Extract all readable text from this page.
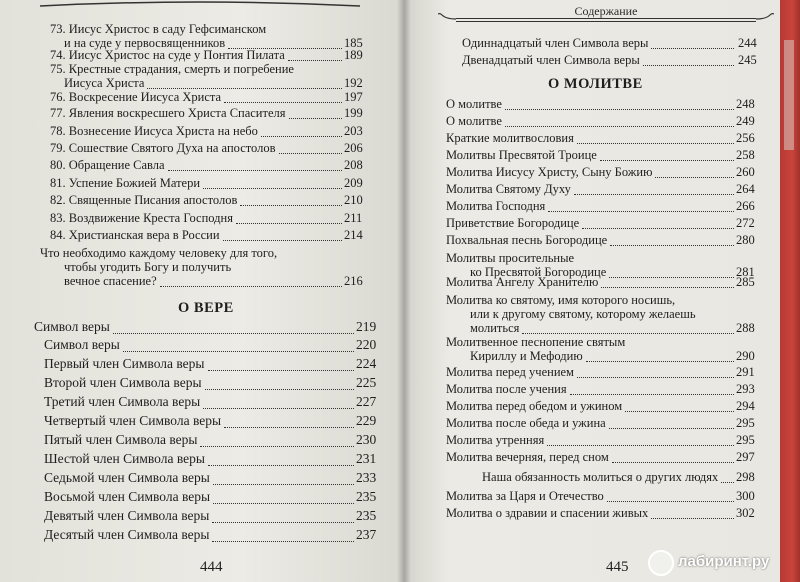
Содержание
73. Иисус Христос в саду Гефсиманском
и на суде у первосвященников	185
74. Иисус Христос на суде у Понтия Пилата	189
75. Крестные страдания, смерть и погребение
Иисуса Христа	192
76. Воскресение Иисуса Христа	197
77. Явления воскресшего Христа Спасителя	199
78. Вознесение Иисуса Христа на небо	203
79. Сошествие Святого Духа на апостолов	206
80. Обращение Савла	208
81. Успение Божией Матери	209
82. Священные Писания апостолов	210
83. Воздвижение Креста Господня	211
84. Христианская вера в России	214
Что необходимо каждому человеку для того,
чтобы угодить Богу и получить
вечное спасение?	216
Символ веры	219
Символ веры	220
Первый член Символа веры	224
Второй член Символа веры	225
Третий член Символа веры	227
Четвертый член Символа веры	229
Пятый член Символа веры	230
Шестой член Символа веры	231
Седьмой член Символа веры	233
Восьмой член Символа веры	235
Девятый член Символа веры	235
Десятый член Символа веры	237
Одиннадцатый член Символа веры	244
Двенадцатый член Символа веры	245
О молитве	248
О молитве	249
Краткие молитвословия	256
Молитвы Пресвятой Троице	258
Молитва Иисусу Христу, Сыну Божию	260
Молитва Святому Духу	264
Молитва Господня	266
Приветствие Богородице	272
Похвальная песнь Богородице	280
Молитвы просительные
ко Пресвятой Богородице	281
Молитва Ангелу Хранителю	285
Молитва ко святому, имя которого носишь,
или к другому святому, которому желаешь
молиться	288
Молитвенное песнопение святым
Кириллу и Мефодию	290
Молитва перед учением	291
Молитва после учения	293
Молитва перед обедом и ужином	294
Молитва после обеда и ужина	295
Молитва утренняя	295
Молитва вечерняя, перед сном	297
Наша обязанность молиться о других людях 298
Молитва за Царя и Отечество	300
Молитва о здравии и спасении живых	302
О ВЕРЕ
О МОЛИТВЕ
444	445	лабиринт.ру
